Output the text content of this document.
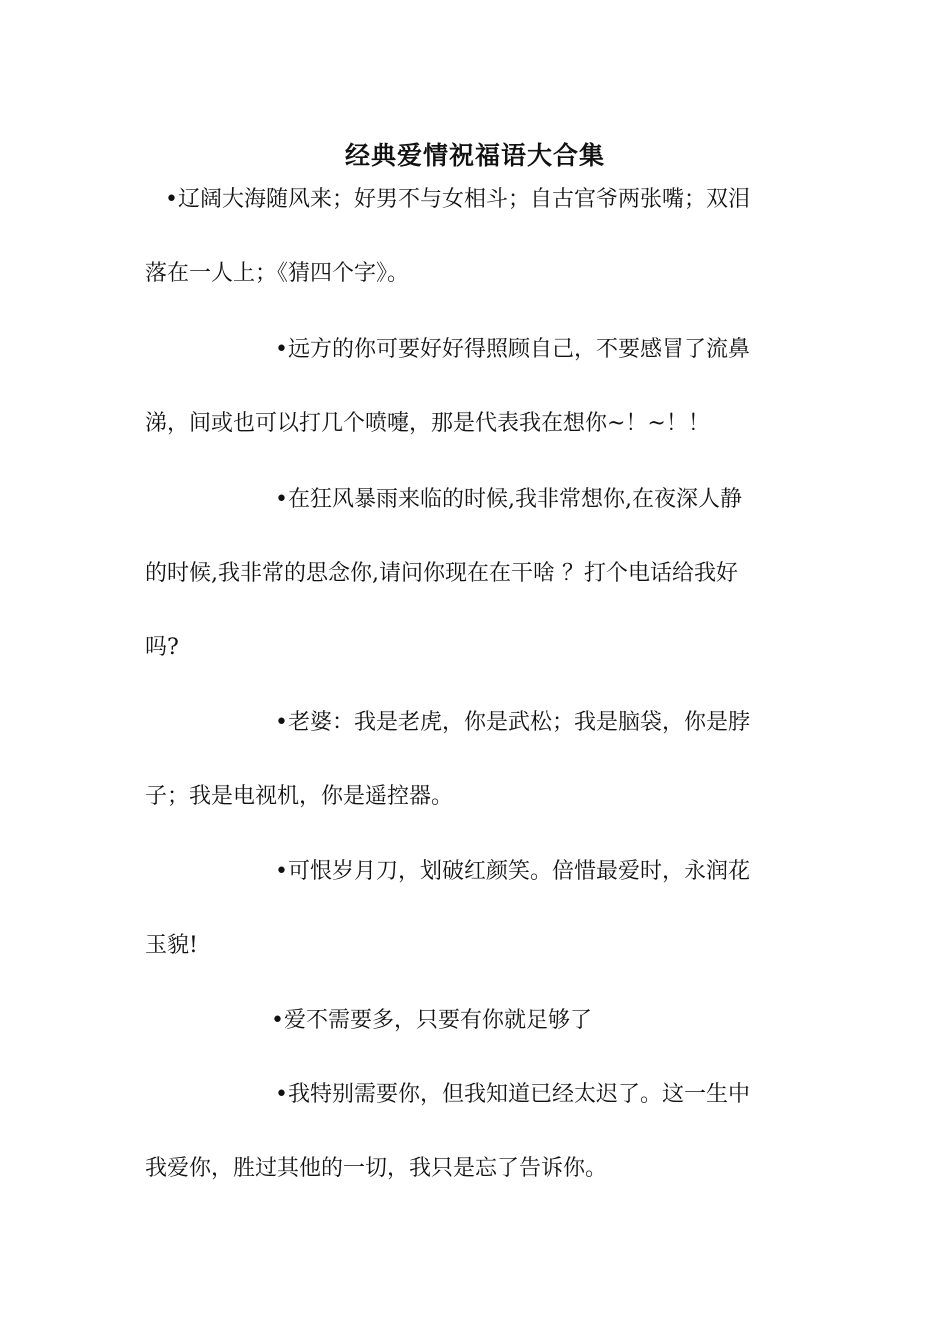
经典爱情祝福语大合集
•辽阔大海随风来；好男不与女相斗；自古官爷两张嘴；双泪
落在一人上；《猜四个字》。
•远方的你可要好好得照顾自己，不要感冒了流鼻
涕，间或也可以打几个喷嚏，那是代表我在想你~！~！！
•在狂风暴雨来临的时候,我非常想你,在夜深人静
的时候,我非常的思念你,请问你现在在干啥 ？打个电话给我好
吗?
•老婆：我是老虎，你是武松；我是脑袋，你是脖
子；我是电视机，你是遥控器。
•可恨岁月刀，划破红颜笑。倍惜最爱时，永润花
玉貌!
•爱不需要多，只要有你就足够了
•我特别需要你，但我知道已经太迟了。这一生中
我爱你，胜过其他的一切，我只是忘了告诉你。
